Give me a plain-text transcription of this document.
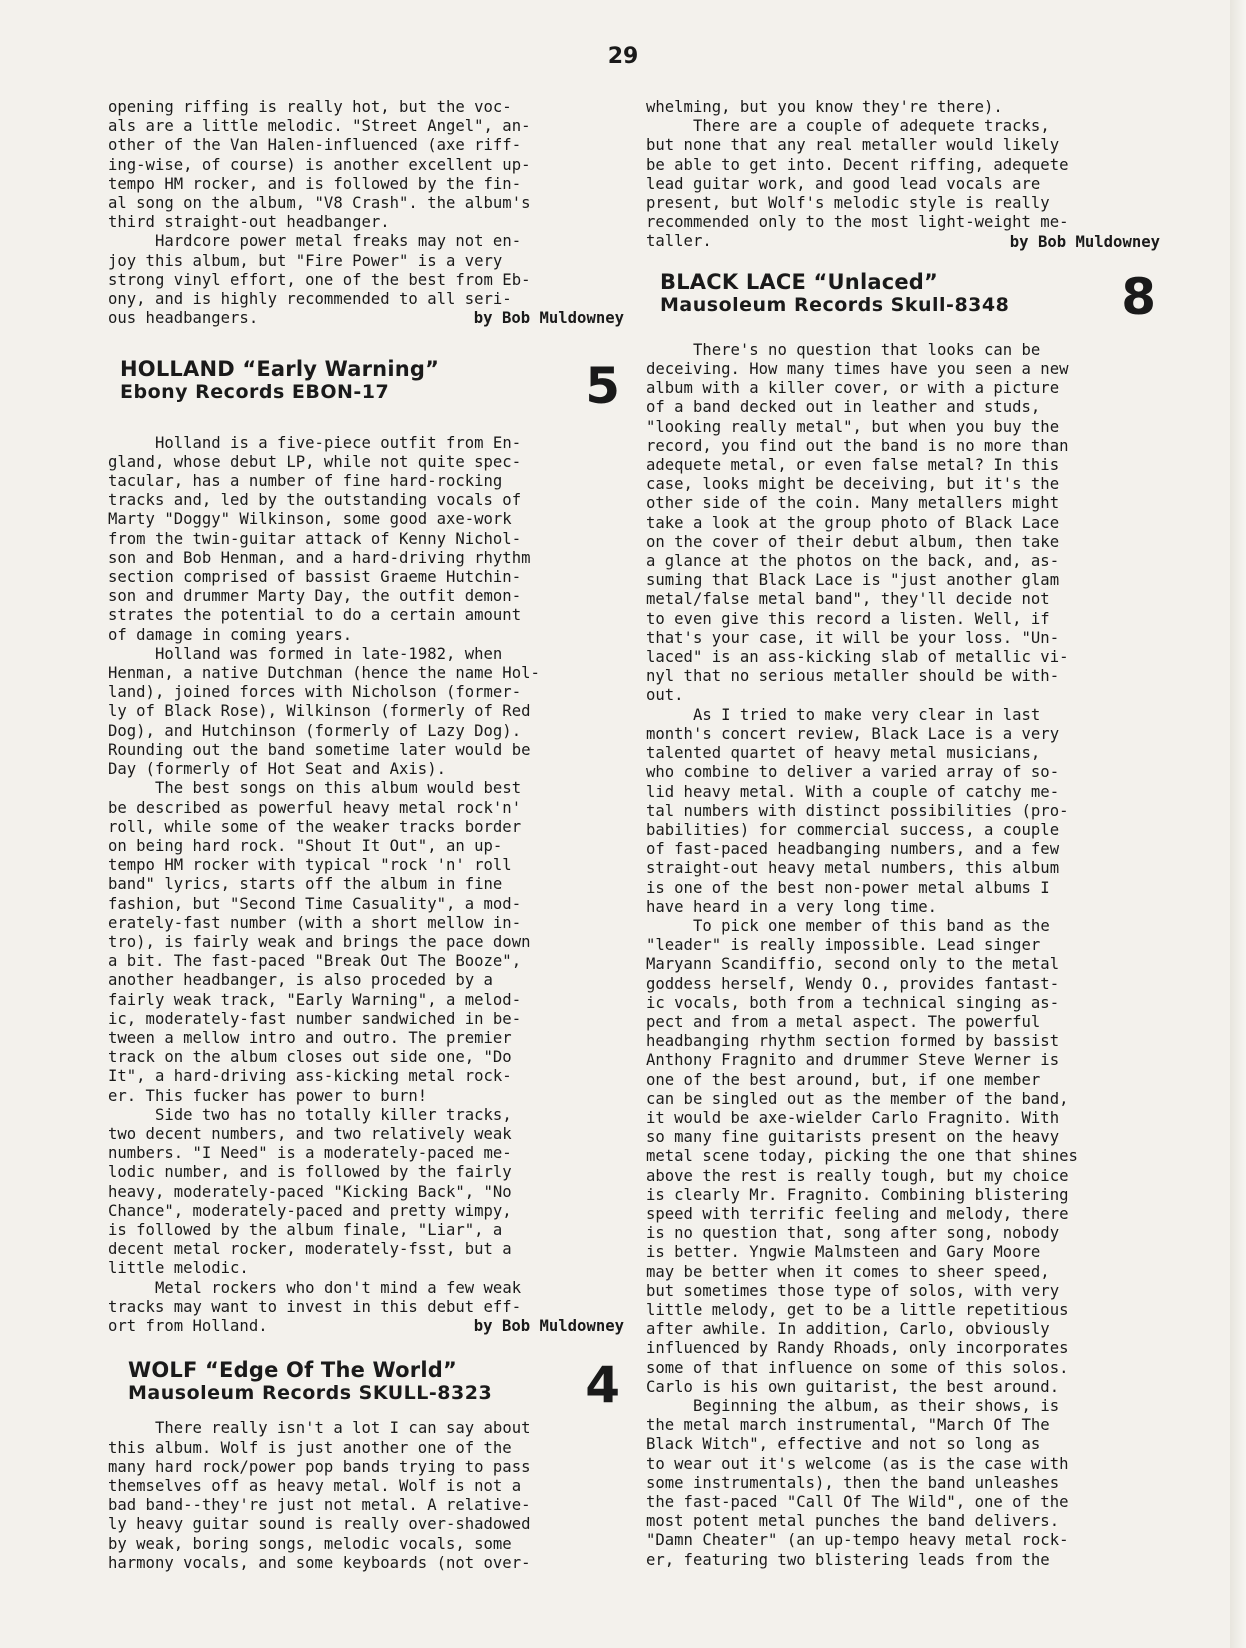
29

opening riffing is really hot, but the voc-
als are a little melodic. "Street Angel", an-
other of the Van Halen-influenced (axe riff-
ing-wise, of course) is another excellent up-
tempo HM rocker, and is followed by the fin-
al song on the album, "V8 Crash". the album's
third straight-out headbanger.
Hardcore power metal freaks may not en-
joy this album, but "Fire Power" is a very
strong vinyl effort, one of the best from Eb-
ony, and is highly recommended to all seri-
ous headbangers.	by Bob Muldowney

HOLLAND “Early Warning”

Ebony Records EBON-17	5

Holland is a five-piece outfit from En-
gland, whose debut LP, while not quite spec-
tacular, has a number of fine hard-rocking
tracks and, led by the outstanding vocals of
Marty "Doggy" Wilkinson, some good axe-work
from the twin-guitar attack of Kenny Nichol-
son and Bob Henman, and a hard-driving rhythm
section comprised of bassist Graeme Hutchin-
son and drummer Marty Day, the outfit demon-
strates the potential to do a certain amount
of damage in coming years.
Holland was formed in late-1982, when
Henman, a native Dutchman (hence the name Hol-
land), joined forces with Nicholson (former-
ly of Black Rose), Wilkinson (formerly of Red
Dog), and Hutchinson (formerly of Lazy Dog).
Rounding out the band sometime later would be
Day (formerly of Hot Seat and Axis).
The best songs on this album would best
be described as powerful heavy metal rock'n'
roll, while some of the weaker tracks border
on being hard rock. "Shout It Out", an up-
tempo HM rocker with typical "rock 'n' roll
band" lyrics, starts off the album in fine
fashion, but "Second Time Casuality", a mod-
erately-fast number (with a short mellow in-
tro), is fairly weak and brings the pace down
a bit. The fast-paced "Break Out The Booze",
another headbanger, is also proceded by a
fairly weak track, "Early Warning", a melod-
ic, moderately-fast number sandwiched in be-
tween a mellow intro and outro. The premier
track on the album closes out side one, "Do
It", a hard-driving ass-kicking metal rock-
er. This fucker has power to burn!
Side two has no totally killer tracks,
two decent numbers, and two relatively weak
numbers. "I Need" is a moderately-paced me-
lodic number, and is followed by the fairly
heavy, moderately-paced "Kicking Back", "No
Chance", moderately-paced and pretty wimpy,
is followed by the album finale, "Liar", a
decent metal rocker, moderately-fsst, but a
little melodic.
Metal rockers who don't mind a few weak
tracks may want to invest in this debut eff-
ort from Holland.	by Bob Muldowney

WOLF “Edge Of The World”

Mausoleum Records SKULL-8323	4

There really isn't a lot I can say about
this album. Wolf is just another one of the
many hard rock/power pop bands trying to pass
themselves off as heavy metal. Wolf is not a
bad band--they're just not metal. A relative-
ly heavy guitar sound is really over-shadowed
by weak, boring songs, melodic vocals, some
harmony vocals, and some keyboards (not over-

whelming, but you know they're there).
There are a couple of adequete tracks,
but none that any real metaller would likely
be able to get into. Decent riffing, adequete
lead guitar work, and good lead vocals are
present, but Wolf's melodic style is really
recommended only to the most light-weight me-
taller.	by Bob Muldowney

BLACK LACE “Unlaced”

Mausoleum Records Skull-8348	8

There's no question that looks can be
deceiving. How many times have you seen a new
album with a killer cover, or with a picture
of a band decked out in leather and studs,
"looking really metal", but when you buy the
record, you find out the band is no more than
adequete metal, or even false metal? In this
case, looks might be deceiving, but it's the
other side of the coin. Many metallers might
take a look at the group photo of Black Lace
on the cover of their debut album, then take
a glance at the photos on the back, and, as-
suming that Black Lace is "just another glam
metal/false metal band", they'll decide not
to even give this record a listen. Well, if
that's your case, it will be your loss. "Un-
laced" is an ass-kicking slab of metallic vi-
nyl that no serious metaller should be with-
out.
As I tried to make very clear in last
month's concert review, Black Lace is a very
talented quartet of heavy metal musicians,
who combine to deliver a varied array of so-
lid heavy metal. With a couple of catchy me-
tal numbers with distinct possibilities (pro-
babilities) for commercial success, a couple
of fast-paced headbanging numbers, and a few
straight-out heavy metal numbers, this album
is one of the best non-power metal albums I
have heard in a very long time.
To pick one member of this band as the
"leader" is really impossible. Lead singer
Maryann Scandiffio, second only to the metal
goddess herself, Wendy O., provides fantast-
ic vocals, both from a technical singing as-
pect and from a metal aspect. The powerful
headbanging rhythm section formed by bassist
Anthony Fragnito and drummer Steve Werner is
one of the best around, but, if one member
can be singled out as the member of the band,
it would be axe-wielder Carlo Fragnito. With
so many fine guitarists present on the heavy
metal scene today, picking the one that shines
above the rest is really tough, but my choice
is clearly Mr. Fragnito. Combining blistering
speed with terrific feeling and melody, there
is no question that, song after song, nobody
is better. Yngwie Malmsteen and Gary Moore
may be better when it comes to sheer speed,
but sometimes those type of solos, with very
little melody, get to be a little repetitious
after awhile. In addition, Carlo, obviously
influenced by Randy Rhoads, only incorporates
some of that influence on some of this solos.
Carlo is his own guitarist, the best around.
Beginning the album, as their shows, is
the metal march instrumental, "March Of The
Black Witch", effective and not so long as
to wear out it's welcome (as is the case with
some instrumentals), then the band unleashes
the fast-paced "Call Of The Wild", one of the
most potent metal punches the band delivers.
"Damn Cheater" (an up-tempo heavy metal rock-
er, featuring two blistering leads from the
